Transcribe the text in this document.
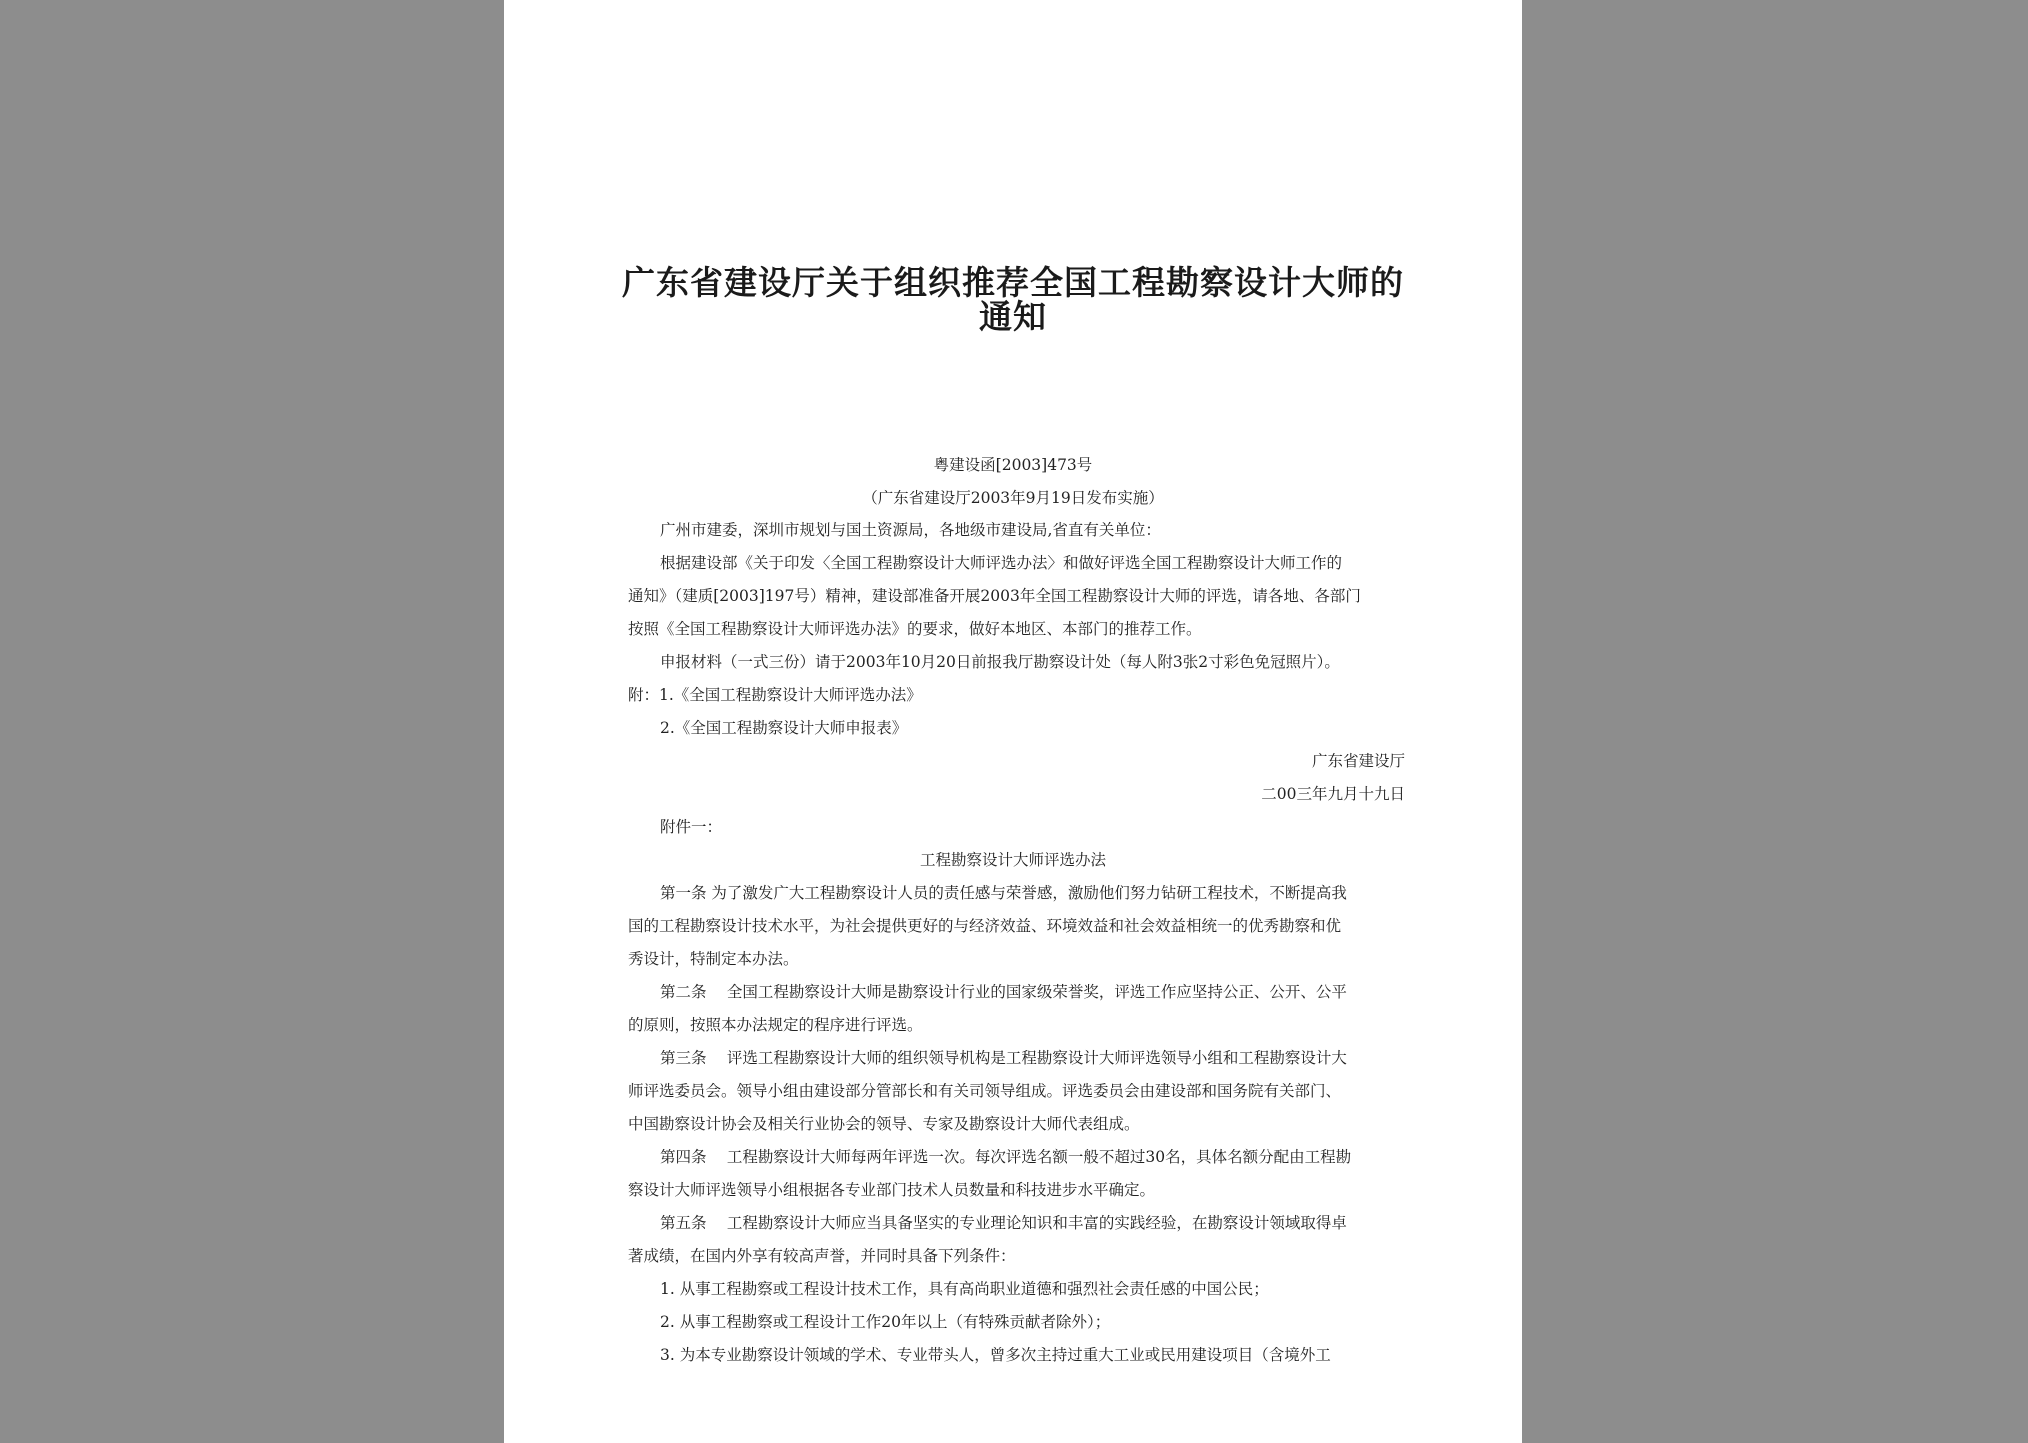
广东省建设厅关于组织推荐全国工程勘察设计大师的
通知
粤建设函[2003]473号
（广东省建设厅2003年9月19日发布实施）
广州市建委，深圳市规划与国土资源局，各地级市建设局,省直有关单位：
根据建设部《关于印发〈全国工程勘察设计大师评选办法〉和做好评选全国工程勘察设计大师工作的
通知》（建质[2003]197号）精神，建设部准备开展2003年全国工程勘察设计大师的评选，请各地、各部门
按照《全国工程勘察设计大师评选办法》的要求，做好本地区、本部门的推荐工作。
申报材料（一式三份）请于2003年10月20日前报我厅勘察设计处（每人附3张2寸彩色免冠照片）。
附：1.《全国工程勘察设计大师评选办法》
2.《全国工程勘察设计大师申报表》
广东省建设厅
二00三年九月十九日
附件一：
工程勘察设计大师评选办法
第一条 为了激发广大工程勘察设计人员的责任感与荣誉感，激励他们努力钻研工程技术，不断提高我
国的工程勘察设计技术水平，为社会提供更好的与经济效益、环境效益和社会效益相统一的优秀勘察和优
秀设计，特制定本办法。
第二条　 全国工程勘察设计大师是勘察设计行业的国家级荣誉奖，评选工作应坚持公正、公开、公平
的原则，按照本办法规定的程序进行评选。
第三条　 评选工程勘察设计大师的组织领导机构是工程勘察设计大师评选领导小组和工程勘察设计大
师评选委员会。领导小组由建设部分管部长和有关司领导组成。评选委员会由建设部和国务院有关部门、
中国勘察设计协会及相关行业协会的领导、专家及勘察设计大师代表组成。
第四条　 工程勘察设计大师每两年评选一次。每次评选名额一般不超过30名，具体名额分配由工程勘
察设计大师评选领导小组根据各专业部门技术人员数量和科技进步水平确定。
第五条　 工程勘察设计大师应当具备坚实的专业理论知识和丰富的实践经验，在勘察设计领域取得卓
著成绩，在国内外享有较高声誉，并同时具备下列条件：
1. 从事工程勘察或工程设计技术工作，具有高尚职业道德和强烈社会责任感的中国公民；
2. 从事工程勘察或工程设计工作20年以上（有特殊贡献者除外）；
3. 为本专业勘察设计领域的学术、专业带头人，曾多次主持过重大工业或民用建设项目（含境外工
